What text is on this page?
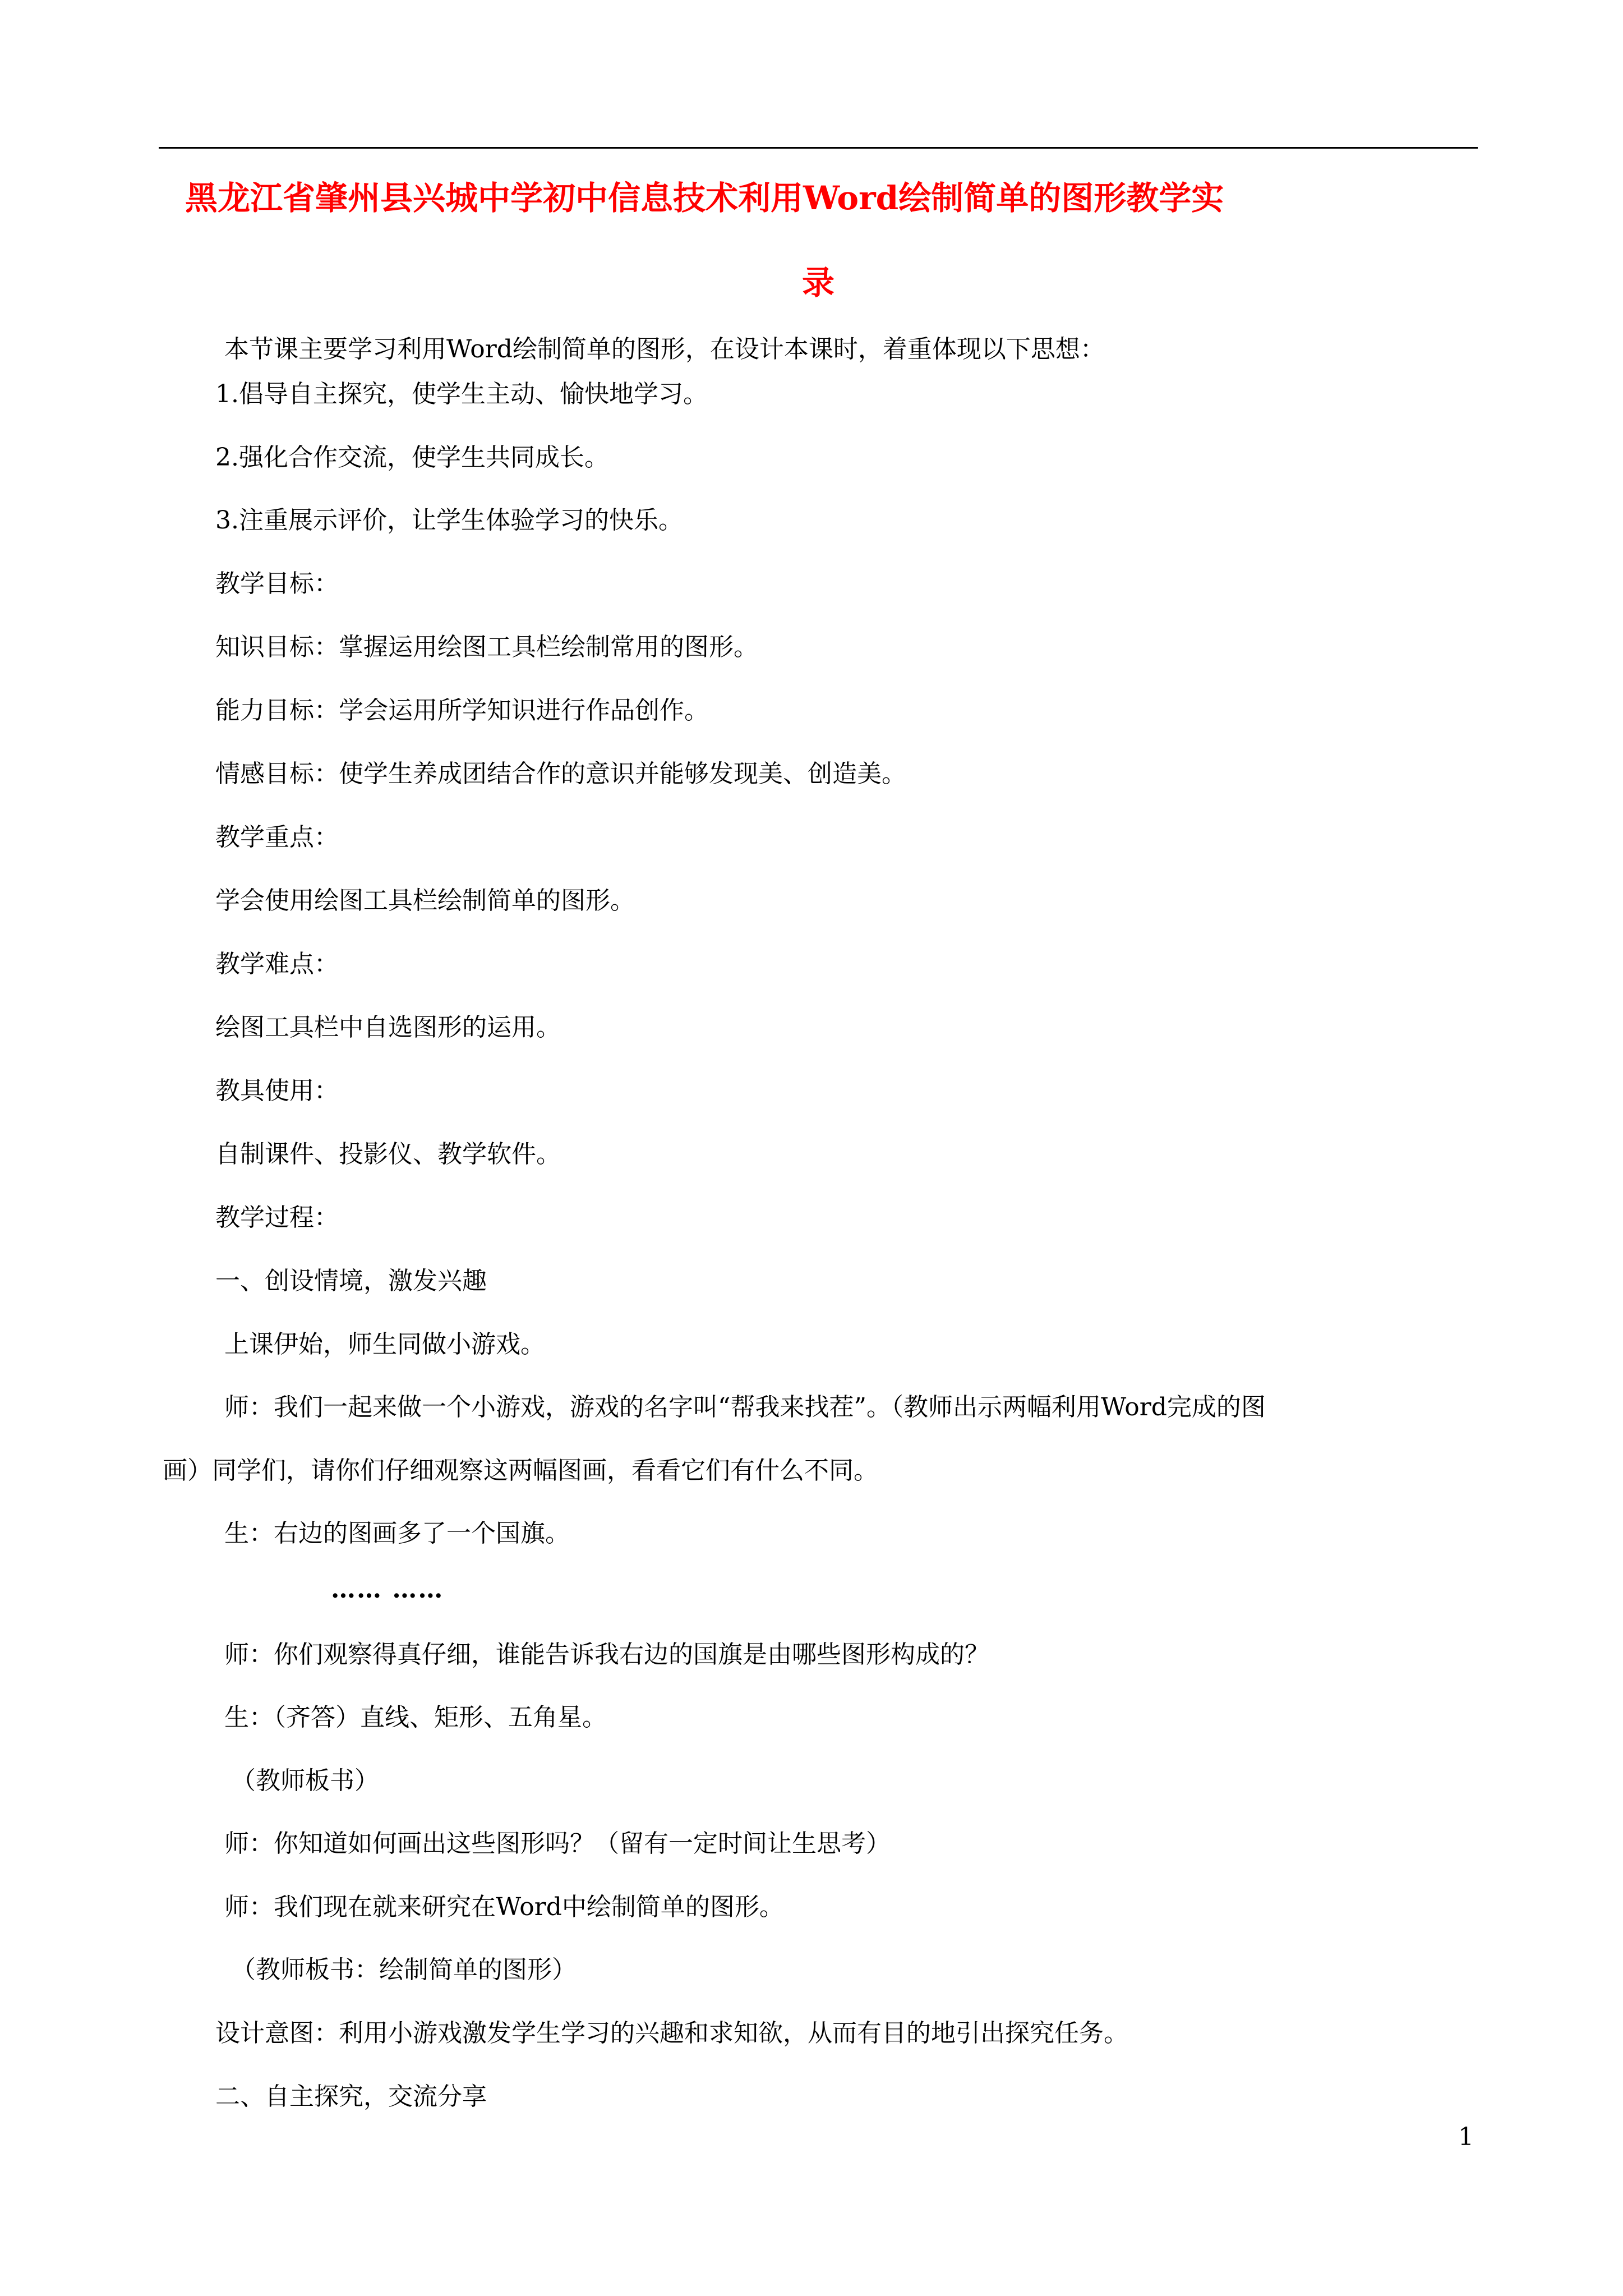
黑龙江省肇州县兴城中学初中信息技术利用Word绘制简单的图形教学实
录
本节课主要学习利用Word绘制简单的图形，在设计本课时，着重体现以下思想：
1.倡导自主探究，使学生主动、愉快地学习。
2.强化合作交流，使学生共同成长。
3.注重展示评价，让学生体验学习的快乐。
教学目标：
知识目标：掌握运用绘图工具栏绘制常用的图形。
能力目标：学会运用所学知识进行作品创作。
情感目标：使学生养成团结合作的意识并能够发现美、创造美。
教学重点：
学会使用绘图工具栏绘制简单的图形。
教学难点：
绘图工具栏中自选图形的运用。
教具使用：
自制课件、投影仪、教学软件。
教学过程：
一、创设情境，激发兴趣
上课伊始，师生同做小游戏。
师：我们一起来做一个小游戏，游戏的名字叫“帮我来找茬”。（教师出示两幅利用Word完成的图
画）同学们，请你们仔细观察这两幅图画，看看它们有什么不同。
生：右边的图画多了一个国旗。
…… ……
师：你们观察得真仔细，谁能告诉我右边的国旗是由哪些图形构成的？
生：（齐答）直线、矩形、五角星。
（教师板书）
师：你知道如何画出这些图形吗？（留有一定时间让生思考）
师：我们现在就来研究在Word中绘制简单的图形。
（教师板书：绘制简单的图形）
设计意图：利用小游戏激发学生学习的兴趣和求知欲，从而有目的地引出探究任务。
二、自主探究，交流分享
1
